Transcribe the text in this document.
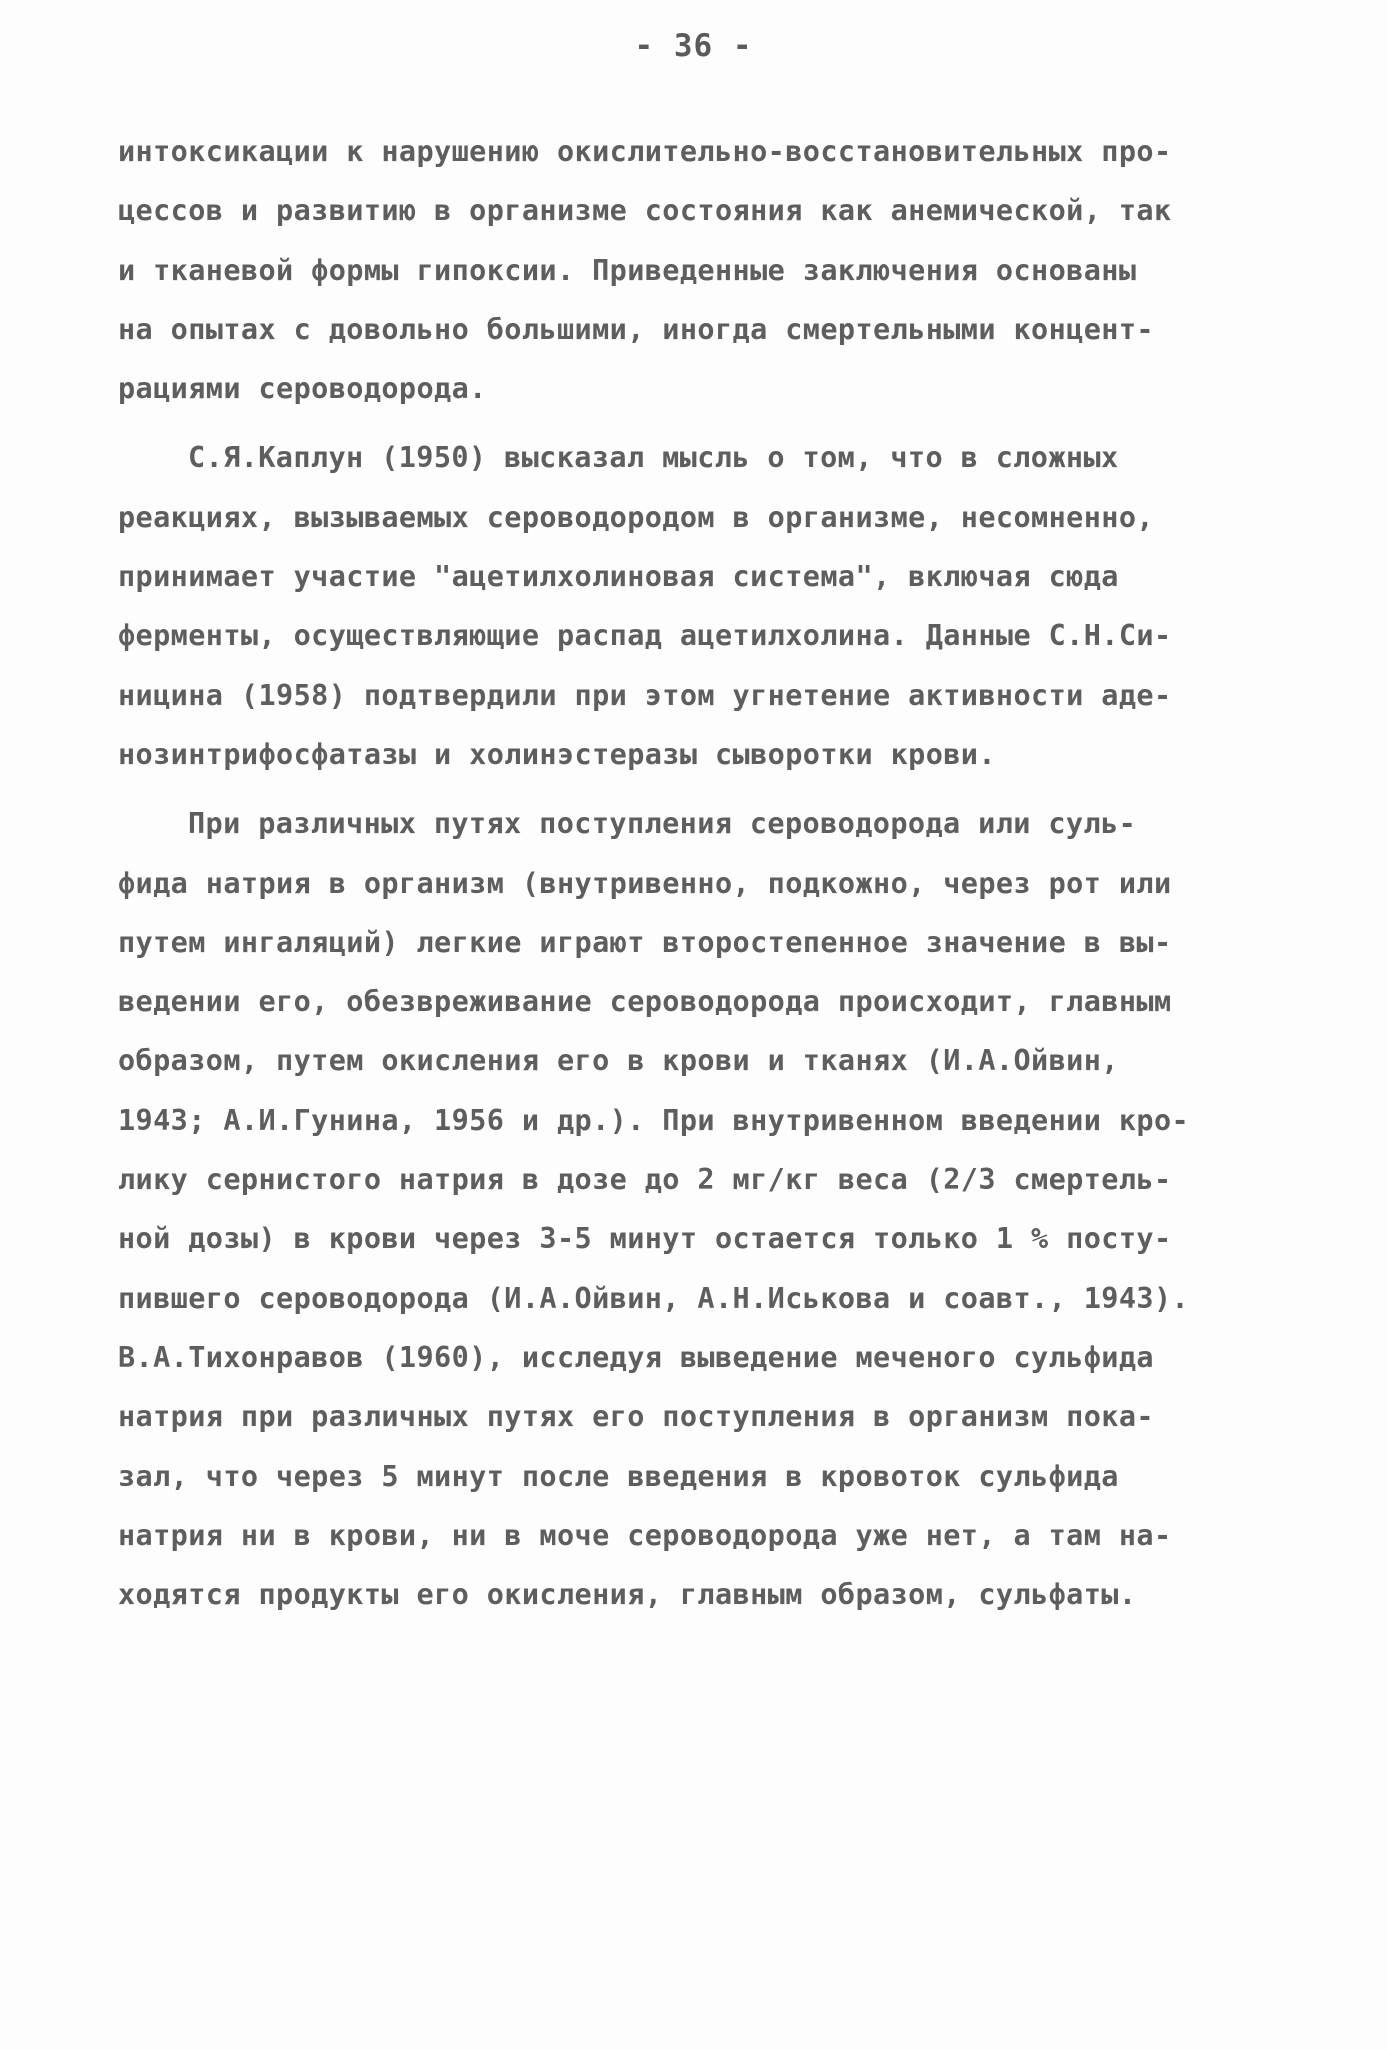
- 36 -
интоксикации к нарушению окислительно-восстановительных про-
цессов и развитию в организме состояния как анемической, так
и тканевой формы гипоксии. Приведенные заключения основаны
на опытах с довольно большими, иногда смертельными концент-
рациями сероводорода.
С.Я.Каплун (1950) высказал мысль о том, что в сложных
реакциях, вызываемых сероводородом в организме, несомненно,
принимает участие "ацетилхолиновая система", включая сюда
ферменты, осуществляющие распад ацетилхолина. Данные С.Н.Си-
ницина (1958) подтвердили при этом угнетение активности аде-
нозинтрифосфатазы и холинэстеразы сыворотки крови.
При различных путях поступления сероводорода или суль-
фида натрия в организм (внутривенно, подкожно, через рот или
путем ингаляций) легкие играют второстепенное значение в вы-
ведении его, обезвреживание сероводорода происходит, главным
образом, путем окисления его в крови и тканях (И.А.Ойвин,
1943; А.И.Гунина, 1956 и др.). При внутривенном введении кро-
лику сернистого натрия в дозе до 2 мг/кг веса (2/3 смертель-
ной дозы) в крови через 3-5 минут остается только 1 % посту-
пившего сероводорода (И.А.Ойвин, А.Н.Иськова и соавт., 1943).
В.А.Тихонравов (1960), исследуя выведение меченого сульфида
натрия при различных путях его поступления в организм пока-
зал, что через 5 минут после введения в кровоток сульфида
натрия ни в крови, ни в моче сероводорода уже нет, а там на-
ходятся продукты его окисления, главным образом, сульфаты.
